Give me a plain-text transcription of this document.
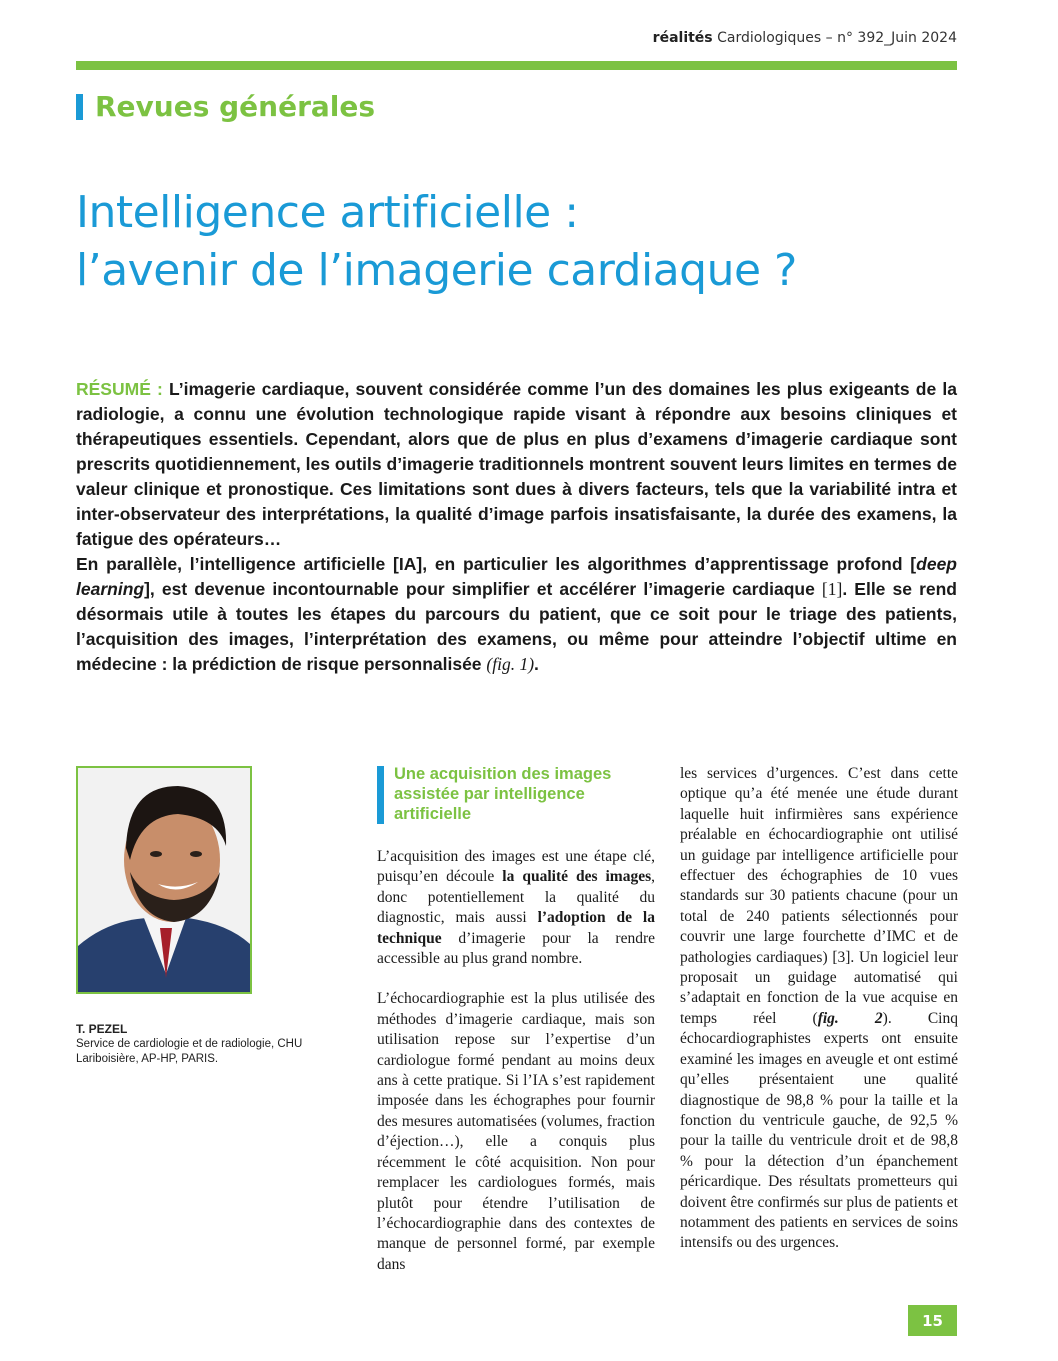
réalités Cardiologiques – n° 392_Juin 2024
Revues générales
Intelligence artificielle :
l’avenir de l’imagerie cardiaque ?
RÉSUMÉ : L’imagerie cardiaque, souvent considérée comme l’un des domaines les plus exigeants de la radiologie, a connu une évolution technologique rapide visant à répondre aux besoins cliniques et thérapeutiques essentiels. Cependant, alors que de plus en plus d’examens d’imagerie cardiaque sont prescrits quotidiennement, les outils d’imagerie traditionnels montrent souvent leurs limites en termes de valeur clinique et pronostique. Ces limitations sont dues à divers facteurs, tels que la variabilité intra et inter-observateur des interprétations, la qualité d’image parfois insatisfaisante, la durée des examens, la fatigue des opérateurs…
En parallèle, l’intelligence artificielle [IA], en particulier les algorithmes d’apprentissage profond [deep learning], est devenue incontournable pour simplifier et accélérer l’imagerie cardiaque [1]. Elle se rend désormais utile à toutes les étapes du parcours du patient, que ce soit pour le triage des patients, l’acquisition des images, l’interprétation des examens, ou même pour atteindre l’objectif ultime en médecine : la prédiction de risque personnalisée (fig. 1).
T. PEZEL
Service de cardiologie et de radiologie, CHU Lariboisière, AP-HP, PARIS.
Une acquisition des images assistée par intelligence artificielle

L’acquisition des images est une étape clé, puisqu’en découle la qualité des images, donc potentiellement la qualité du diagnostic, mais aussi l’adoption de la technique d’imagerie pour la rendre accessible au plus grand nombre.

L’échocardiographie est la plus utilisée des méthodes d’imagerie cardiaque, mais son utilisation repose sur l’expertise d’un cardiologue formé pendant au moins deux ans à cette pratique. Si l’IA s’est rapidement imposée dans les échographes pour fournir des mesures automatisées (volumes, fraction d’éjection…), elle a conquis plus récemment le côté acquisition. Non pour remplacer les cardiologues formés, mais plutôt pour étendre l’utilisation de l’échocardiographie dans des contextes de manque de personnel formé, par exemple dans

les services d’urgences. C’est dans cette optique qu’a été menée une étude durant laquelle huit infirmières sans expérience préalable en échocardiographie ont utilisé un guidage par intelligence artificielle pour effectuer des échographies de 10 vues standards sur 30 patients chacune (pour un total de 240 patients sélectionnés pour couvrir une large fourchette d’IMC et de pathologies cardiaques) [3]. Un logiciel leur proposait un guidage automatisé qui s’adaptait en fonction de la vue acquise en temps réel (fig. 2). Cinq échocardiographistes experts ont ensuite examiné les images en aveugle et ont estimé qu’elles présentaient une qualité diagnostique de 98,8 % pour la taille et la fonction du ventricule gauche, de 92,5 % pour la taille du ventricule droit et de 98,8 % pour la détection d’un épanchement péricardique. Des résultats prometteurs qui doivent être confirmés sur plus de patients et notamment des patients en services de soins intensifs ou des urgences.

15
